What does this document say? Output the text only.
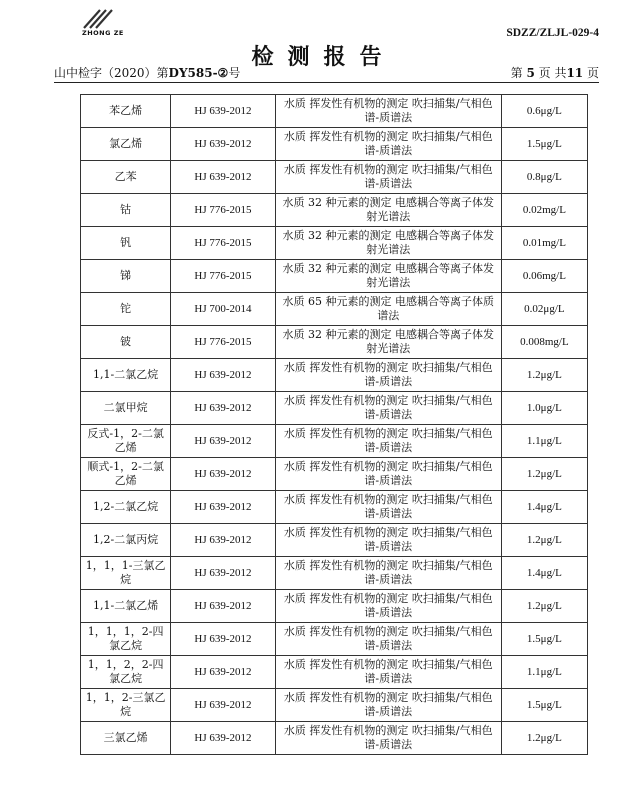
ZHONG ZE	SDZZ/ZLJL-029-4
检测报告
山中检字（2020）第DY585-②号	第 5 页 共11 页
苯乙烯	HJ 639-2012	水质 挥发性有机物的测定 吹扫捕集/气相色谱-质谱法	0.6μg/L
氯乙烯	HJ 639-2012	水质 挥发性有机物的测定 吹扫捕集/气相色谱-质谱法	1.5μg/L
乙苯	HJ 639-2012	水质 挥发性有机物的测定 吹扫捕集/气相色谱-质谱法	0.8μg/L
钴	HJ 776-2015	水质 32 种元素的测定 电感耦合等离子体发射光谱法	0.02mg/L
钒	HJ 776-2015	水质 32 种元素的测定 电感耦合等离子体发射光谱法	0.01mg/L
锑	HJ 776-2015	水质 32 种元素的测定 电感耦合等离子体发射光谱法	0.06mg/L
铊	HJ 700-2014	水质 65 种元素的测定 电感耦合等离子体质谱法	0.02μg/L
铍	HJ 776-2015	水质 32 种元素的测定 电感耦合等离子体发射光谱法	0.008mg/L
1,1-二氯乙烷	HJ 639-2012	水质 挥发性有机物的测定 吹扫捕集/气相色谱-质谱法	1.2μg/L
二氯甲烷	HJ 639-2012	水质 挥发性有机物的测定 吹扫捕集/气相色谱-质谱法	1.0μg/L
反式-1，2-二氯乙烯	HJ 639-2012	水质 挥发性有机物的测定 吹扫捕集/气相色谱-质谱法	1.1μg/L
顺式-1，2-二氯乙烯	HJ 639-2012	水质 挥发性有机物的测定 吹扫捕集/气相色谱-质谱法	1.2μg/L
1,2-二氯乙烷	HJ 639-2012	水质 挥发性有机物的测定 吹扫捕集/气相色谱-质谱法	1.4μg/L
1,2-二氯丙烷	HJ 639-2012	水质 挥发性有机物的测定 吹扫捕集/气相色谱-质谱法	1.2μg/L
1，1，1-三氯乙烷	HJ 639-2012	水质 挥发性有机物的测定 吹扫捕集/气相色谱-质谱法	1.4μg/L
1,1-二氯乙烯	HJ 639-2012	水质 挥发性有机物的测定 吹扫捕集/气相色谱-质谱法	1.2μg/L
1，1，1，2-四氯乙烷	HJ 639-2012	水质 挥发性有机物的测定 吹扫捕集/气相色谱-质谱法	1.5μg/L
1，1，2，2-四氯乙烷	HJ 639-2012	水质 挥发性有机物的测定 吹扫捕集/气相色谱-质谱法	1.1μg/L
1，1，2-三氯乙烷	HJ 639-2012	水质 挥发性有机物的测定 吹扫捕集/气相色谱-质谱法	1.5μg/L
三氯乙烯	HJ 639-2012	水质 挥发性有机物的测定 吹扫捕集/气相色谱-质谱法	1.2μg/L
